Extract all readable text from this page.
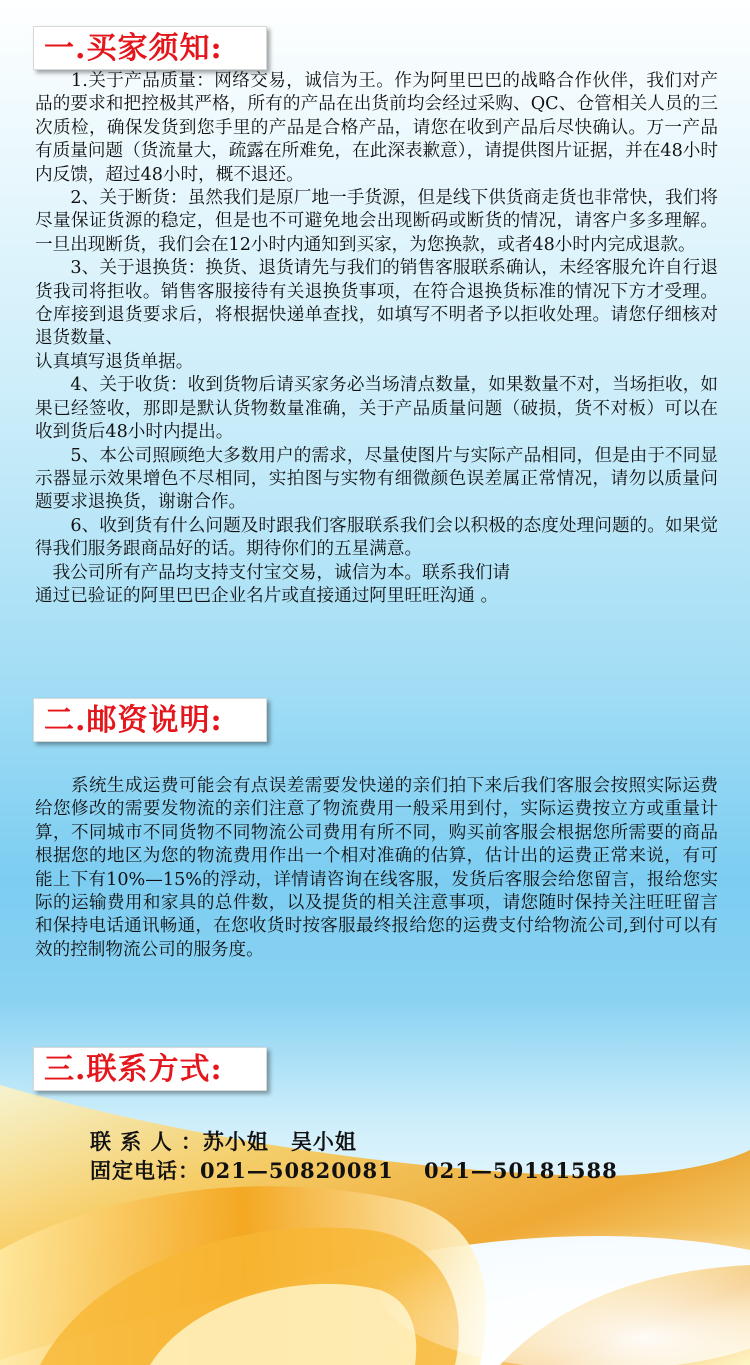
一.买家须知:

　　1.关于产品质量：网络交易，诚信为王。作为阿里巴巴的战略合作伙伴，我们对产品的要求和把控极其严格，所有的产品在出货前均会经过采购、QC、仓管相关人员的三次质检，确保发货到您手里的产品是合格产品，请您在收到产品后尽快确认。万一产品有质量问题（货流量大，疏露在所难免，在此深表歉意），请提供图片证据，并在48小时内反馈，超过48小时，概不退还。

　　2、关于断货：虽然我们是原厂地一手货源，但是线下供货商走货也非常快，我们将尽量保证货源的稳定，但是也不可避免地会出现断码或断货的情况，请客户多多理解。一旦出现断货，我们会在12小时内通知到买家，为您换款，或者48小时内完成退款。

　　3、关于退换货：换货、退货请先与我们的销售客服联系确认，未经客服允许自行退货我司将拒收。销售客服接待有关退换货事项，在符合退换货标准的情况下方才受理。仓库接到退货要求后，将根据快递单查找，如填写不明者予以拒收处理。请您仔细核对退货数量、

认真填写退货单据。

　　4、关于收货：收到货物后请买家务必当场清点数量，如果数量不对，当场拒收，如果已经签收，那即是默认货物数量准确，关于产品质量问题（破损，货不对板）可以在收到货后48小时内提出。

　　5、本公司照顾绝大多数用户的需求，尽量使图片与实际产品相同，但是由于不同显示器显示效果增色不尽相同，实拍图与实物有细微颜色误差属正常情况，请勿以质量问题要求退换货，谢谢合作。

　　6、收到货有什么问题及时跟我们客服联系我们会以积极的态度处理问题的。如果觉得我们服务跟商品好的话。期待你们的五星满意。

　我公司所有产品均支持支付宝交易，诚信为本。联系我们请

通过已验证的阿里巴巴企业名片或直接通过阿里旺旺沟通 。

二.邮资说明:

　　系统生成运费可能会有点误差需要发快递的亲们拍下来后我们客服会按照实际运费给您修改的需要发物流的亲们注意了物流费用一般采用到付，实际运费按立方或重量计算，不同城市不同货物不同物流公司费用有所不同，购买前客服会根据您所需要的商品根据您的地区为您的物流费用作出一个相对准确的估算，估计出的运费正常来说，有可能上下有10%—15%的浮动，详情请咨询在线客服，发货后客服会给您留言，报给您实际的运输费用和家具的总件数，以及提货的相关注意事项，请您随时保持关注旺旺留言和保持电话通讯畅通，在您收货时按客服最终报给您的运费支付给物流公司,到付可以有效的控制物流公司的服务度。

三.联系方式:
联 系 人 ：苏小姐　吴小姐
固定电话：021—50820081　 021—50181588
